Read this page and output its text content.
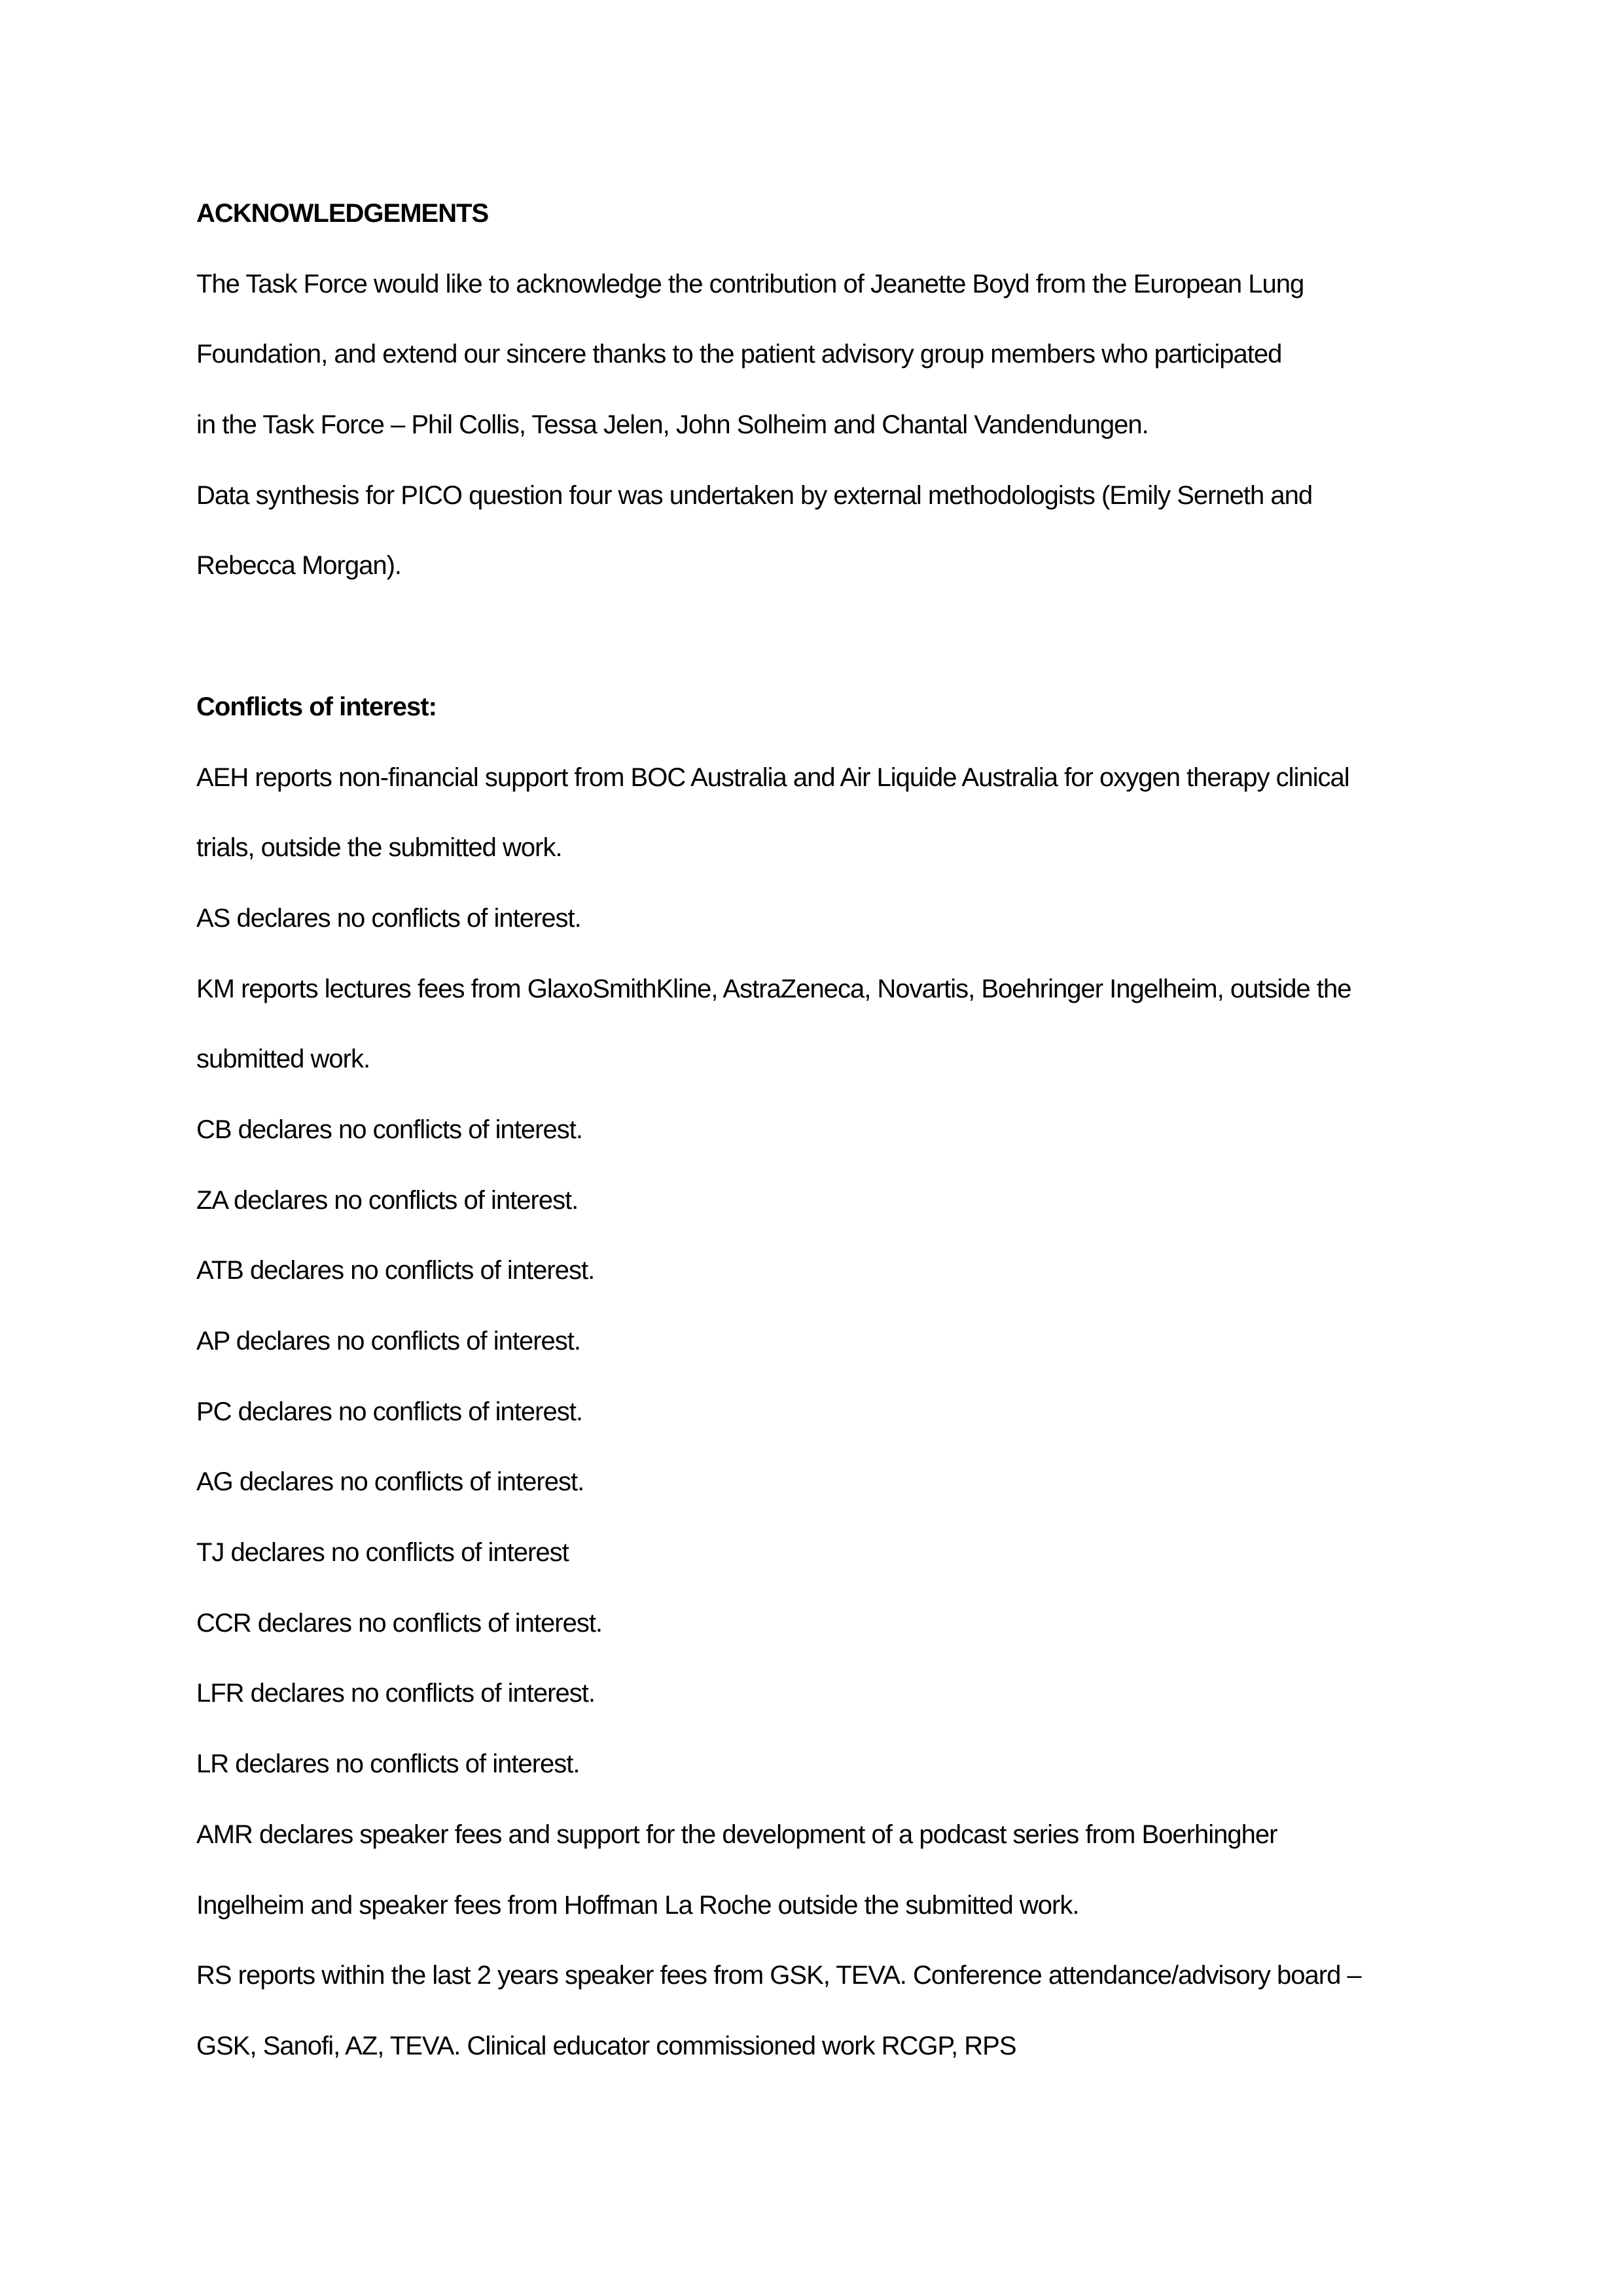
ACKNOWLEDGEMENTS
The Task Force would like to acknowledge the contribution of Jeanette Boyd from the European Lung
Foundation, and extend our sincere thanks to the patient advisory group members who participated
in the Task Force – Phil Collis, Tessa Jelen, John Solheim and Chantal Vandendungen.
Data synthesis for PICO question four was undertaken by external methodologists (Emily Serneth and
Rebecca Morgan).
Conflicts of interest:
AEH reports non-financial support from BOC Australia and Air Liquide Australia for oxygen therapy clinical
trials, outside the submitted work.
AS declares no conflicts of interest.
KM reports lectures fees from GlaxoSmithKline, AstraZeneca, Novartis, Boehringer Ingelheim, outside the
submitted work.
CB declares no conflicts of interest.
ZA declares no conflicts of interest.
ATB declares no conflicts of interest.
AP declares no conflicts of interest.
PC declares no conflicts of interest.
AG declares no conflicts of interest.
TJ declares no conflicts of interest
CCR declares no conflicts of interest.
LFR declares no conflicts of interest.
LR declares no conflicts of interest.
AMR declares speaker fees and support for the development of a podcast series from Boerhingher
Ingelheim and speaker fees from Hoffman La Roche outside the submitted work.
RS reports within the last 2 years speaker fees from GSK, TEVA. Conference attendance/advisory board –
GSK, Sanofi, AZ, TEVA. Clinical educator commissioned work RCGP, RPS
